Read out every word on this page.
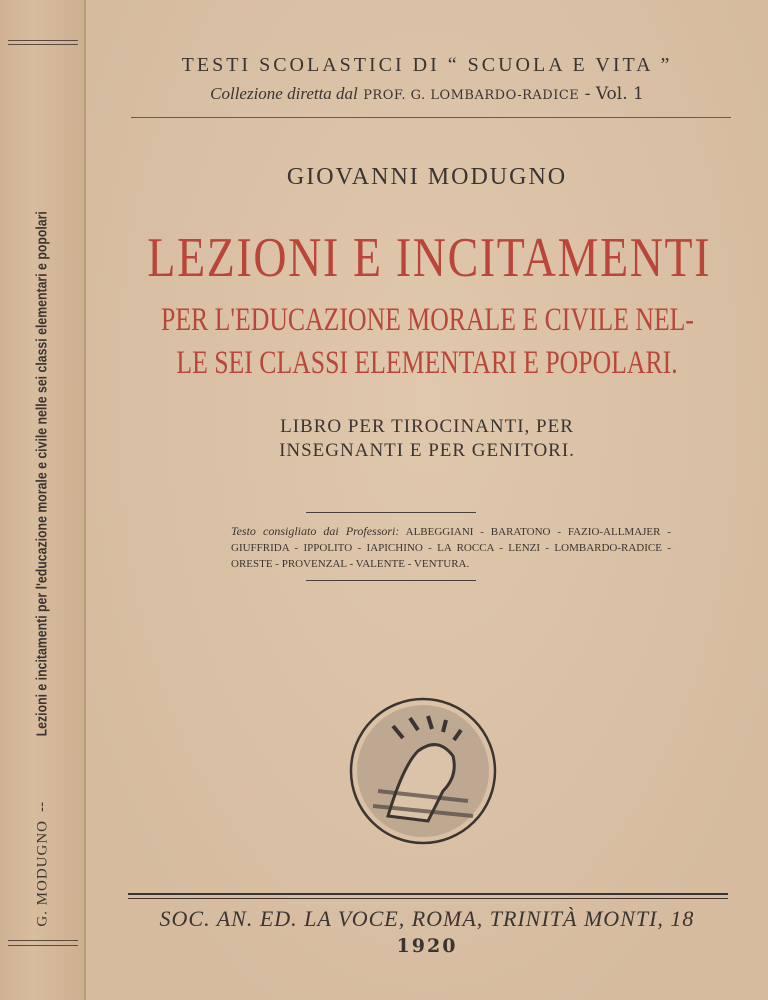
G. MODUGNO--Lezioni e incitamenti per l'educazione morale e civile nelle sei classi elementari e popolari
TESTI SCOLASTICI DI “ SCUOLA E VITA ”
Collezione diretta dal PROF. G. LOMBARDO-RADICE - Vol. 1
GIOVANNI MODUGNO
LEZIONI E INCITAMENTI
PER L'EDUCAZIONE MORALE E CIVILE NEL-
LE SEI CLASSI ELEMENTARI E POPOLARI.
LIBRO PER TIROCINANTI, PER
INSEGNANTI E PER GENITORI.
Testo consigliato dai Professori: ALBEGGIANI - BARATONO - FAZIO-ALLMAJER - GIUFFRIDA - IPPOLITO - IAPICHINO - LA ROCCA - LENZI - LOMBARDO-RADICE - ORESTE - PROVENZAL - VALENTE - VENTURA.
SOC. AN. ED. LA VOCE, ROMA, TRINITÀ MONTI, 18
1920
